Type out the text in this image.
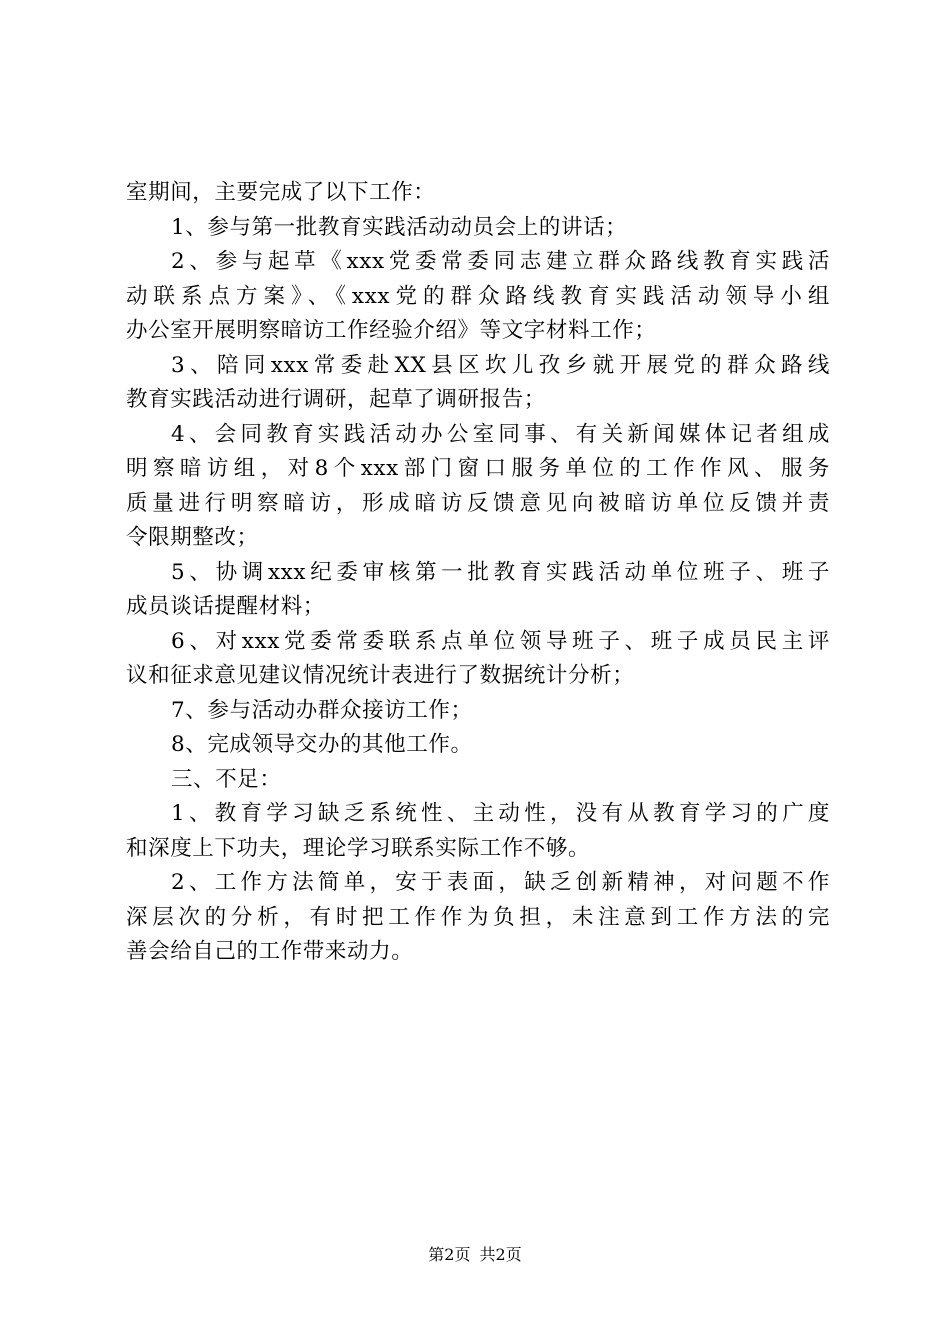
室期间，主要完成了以下工作：
1、参与第一批教育实践活动动员会上的讲话；
2、参与起草《xxx党委常委同志建立群众路线教育实践活
动联系点方案》、《xxx党的群众路线教育实践活动领导小组
办公室开展明察暗访工作经验介绍》等文字材料工作；
3、陪同xxx常委赴XX县区坎儿孜乡就开展党的群众路线
教育实践活动进行调研，起草了调研报告；
4、会同教育实践活动办公室同事、有关新闻媒体记者组成
明察暗访组，对8个xxx部门窗口服务单位的工作作风、服务
质量进行明察暗访，形成暗访反馈意见向被暗访单位反馈并责
令限期整改；
5、协调xxx纪委审核第一批教育实践活动单位班子、班子
成员谈话提醒材料；
6、对xxx党委常委联系点单位领导班子、班子成员民主评
议和征求意见建议情况统计表进行了数据统计分析；
7、参与活动办群众接访工作；
8、完成领导交办的其他工作。
三、不足：
1、教育学习缺乏系统性、主动性，没有从教育学习的广度
和深度上下功夫，理论学习联系实际工作不够。
2、工作方法简单，安于表面，缺乏创新精神，对问题不作
深层次的分析，有时把工作作为负担，未注意到工作方法的完
善会给自己的工作带来动力。
第2页 共2页
